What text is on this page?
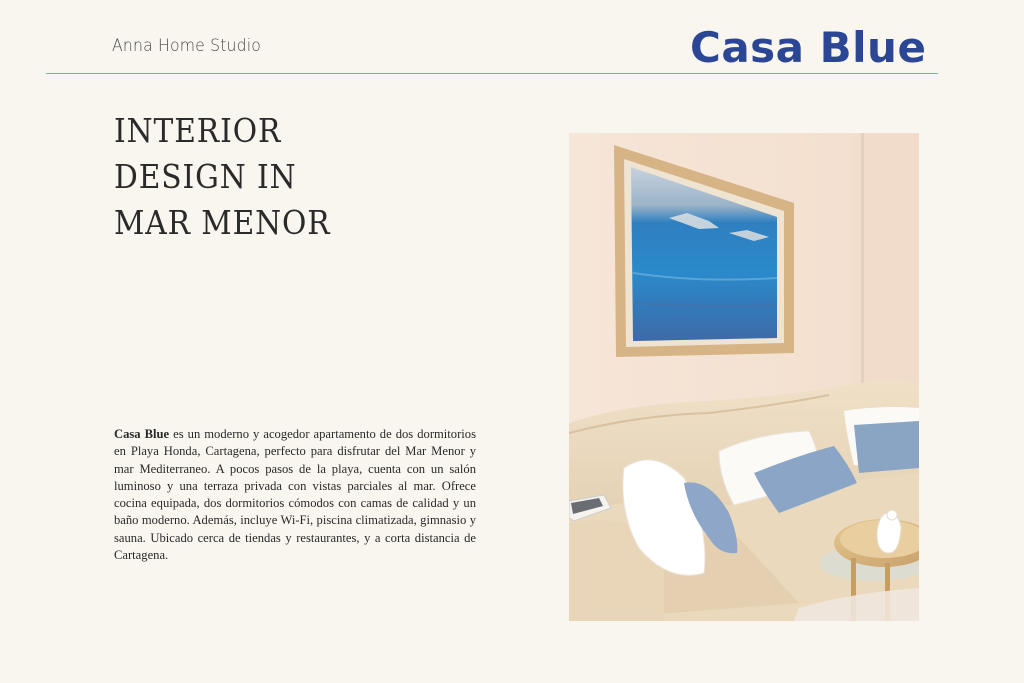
Anna Home Studio	Casa Blue
INTERIOR
DESIGN IN
MAR MENOR
Casa Blue es un moderno y acogedor apartamento de dos dormitorios en Playa Honda, Cartagena, perfecto para disfrutar del Mar Menor y mar Mediterraneo. A pocos pasos de la playa, cuenta con un salón luminoso y una terraza privada con vistas parciales al mar. Ofrece cocina equipada, dos dormitorios cómodos con camas de calidad y un baño moderno. Además, incluye Wi-Fi, piscina climatizada, gimnasio y sauna. Ubicado cerca de tiendas y restaurantes, y a corta distancia de Cartagena.
